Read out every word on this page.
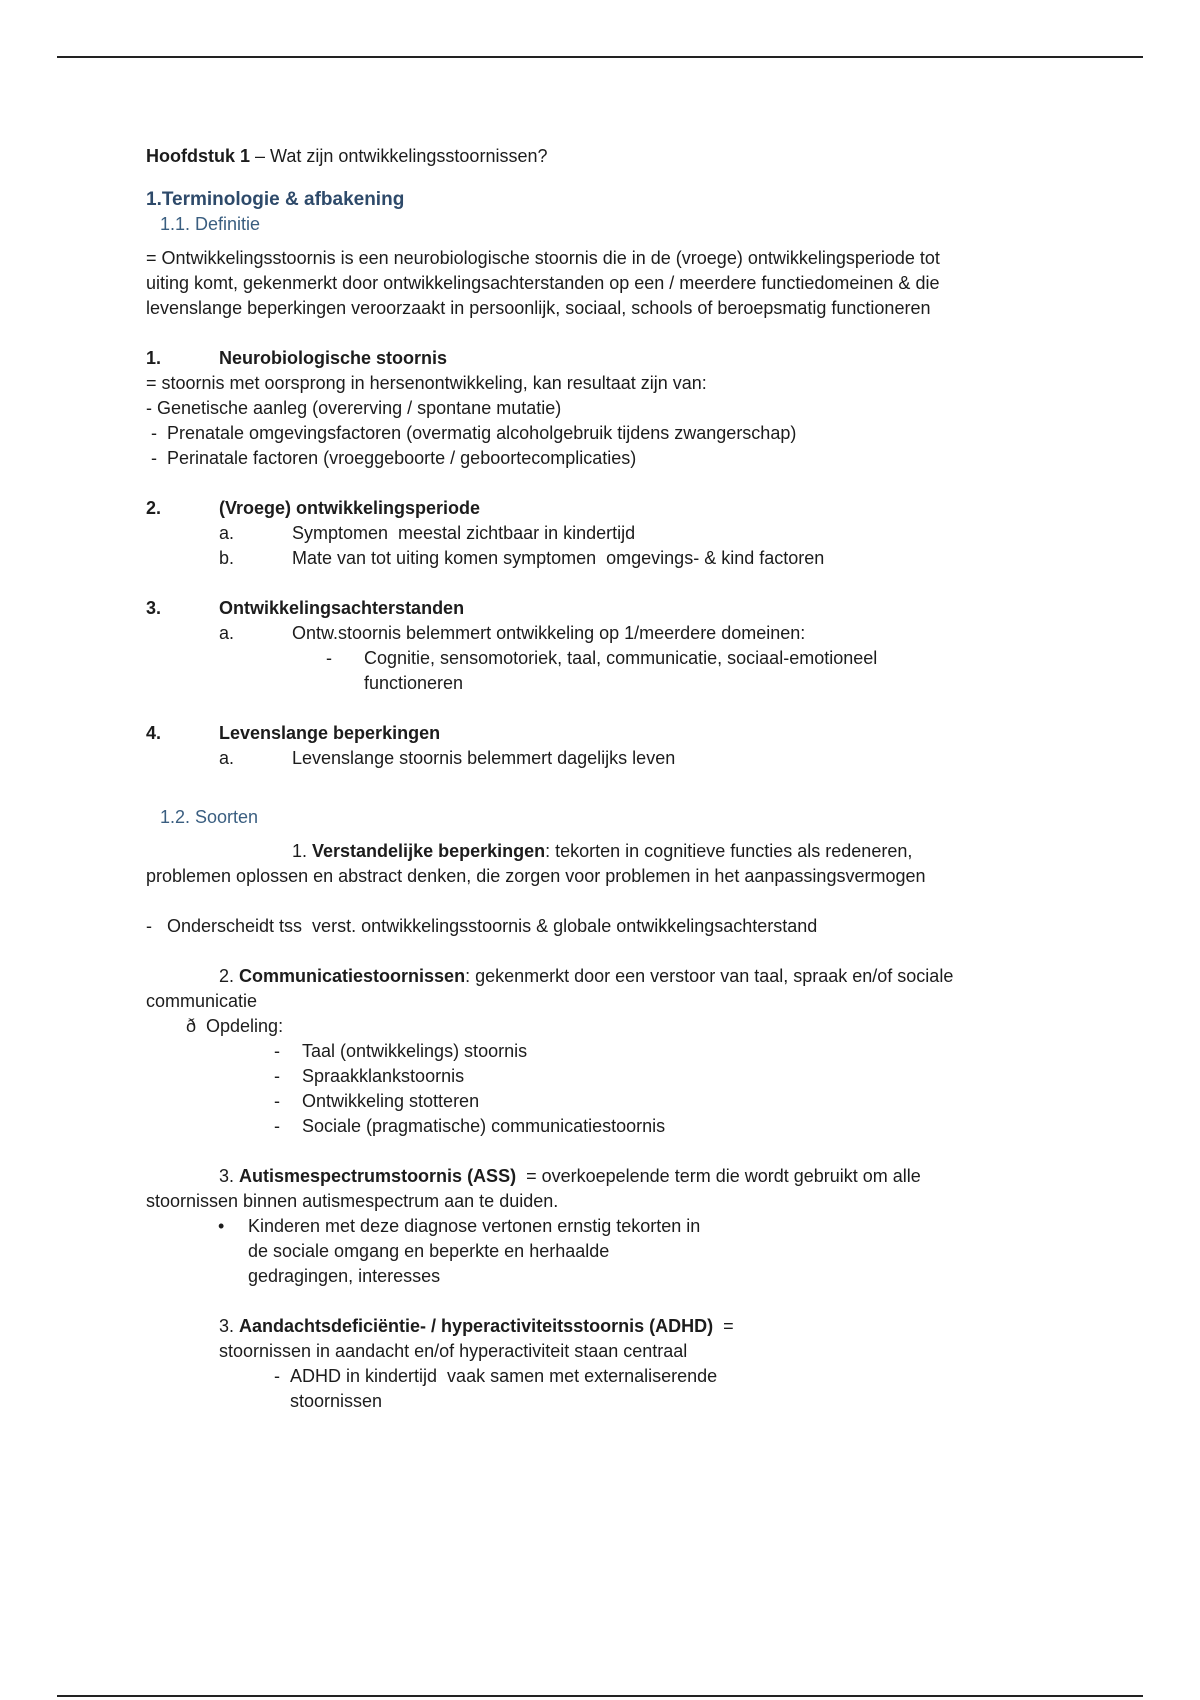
Hoofdstuk 1 – Wat zijn ontwikkelingsstoornissen?

1.Terminologie & afbakening

1.1. Definitie

= Ontwikkelingsstoornis is een neurobiologische stoornis die in de (vroege) ontwikkelingsperiode tot uiting komt, gekenmerkt door ontwikkelingsachterstanden op een / meerdere functiedomeinen & die levenslange beperkingen veroorzaakt in persoonlijk, sociaal, schools of beroepsmatig functioneren

1.	Neurobiologische stoornis

= stoornis met oorsprong in hersenontwikkeling, kan resultaat zijn van:

- Genetische aanleg (overerving / spontane mutatie)

-  Prenatale omgevingsfactoren (overmatig alcoholgebruik tijdens zwangerschap)

-  Perinatale factoren (vroeggeboorte / geboortecomplicaties)

2.	(Vroege) ontwikkelingsperiode
a.	Symptomen  meestal zichtbaar in kindertijd
b.	Mate van tot uiting komen symptomen  omgevings- & kind factoren
3.	Ontwikkelingsachterstanden
a.	Ontw.stoornis belemmert ontwikkeling op 1/meerdere domeinen:
-	Cognitie, sensomotoriek, taal, communicatie, sociaal-emotioneel functioneren
4.	Levenslange beperkingen
a.	Levenslange stoornis belemmert dagelijks leven

1.2. Soorten

1. Verstandelijke beperkingen: tekorten in cognitieve functies als redeneren, problemen oplossen en abstract denken, die zorgen voor problemen in het aanpassingsvermogen

-   Onderscheidt tss  verst. ontwikkelingsstoornis & globale ontwikkelingsachterstand

2. Communicatiestoornissen: gekenmerkt door een verstoor van taal, spraak en/of sociale communicatie

ð  Opdeling:

-	Taal (ontwikkelings) stoornis
-	Spraakklankstoornis
-	Ontwikkeling stotteren
-	Sociale (pragmatische) communicatiestoornis

3. Autismespectrumstoornis (ASS)  = overkoepelende term die wordt gebruikt om alle stoornissen binnen autismespectrum aan te duiden.

•	Kinderen met deze diagnose vertonen ernstig tekorten in de sociale omgang en beperkte en herhaalde gedragingen, interesses
3. Aandachtsdeficiëntie- / hyperactiviteitsstoornis (ADHD)  = stoornissen in aandacht en/of hyperactiviteit staan centraal
- ADHD in kindertijd  vaak samen met externaliserende stoornissen
